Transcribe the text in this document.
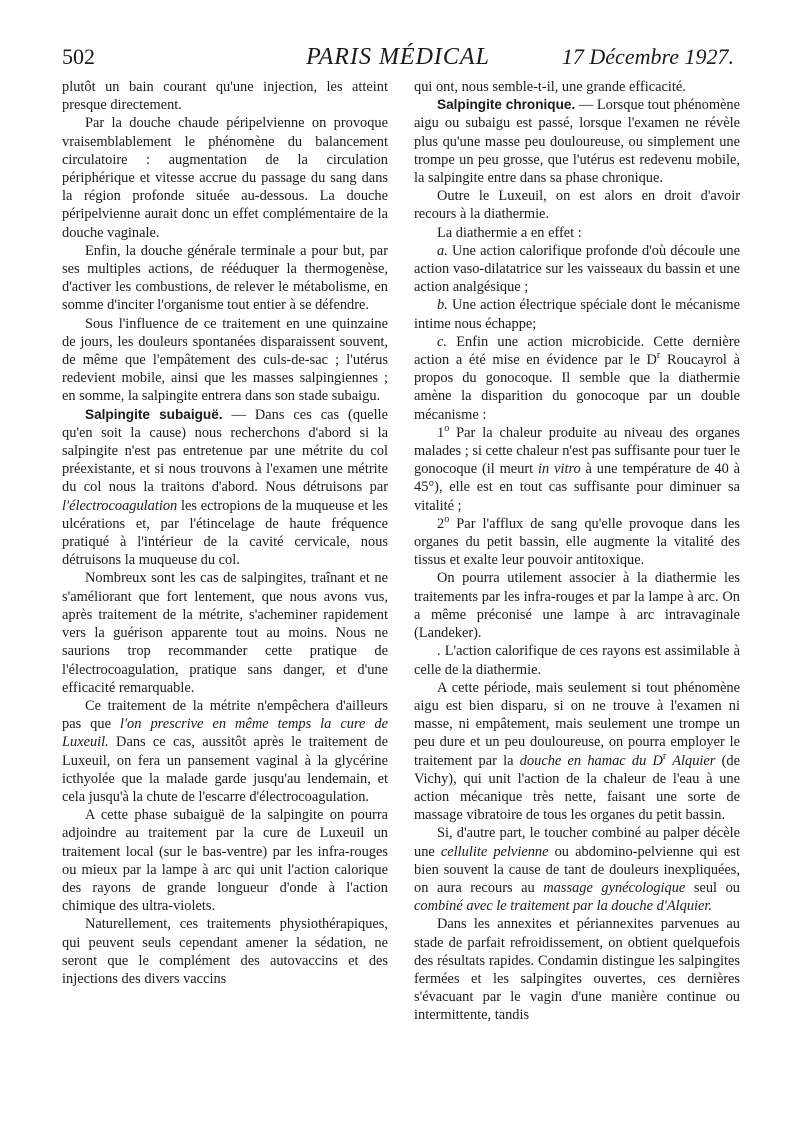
502	PARIS MÉDICAL	17 Décembre 1927.

plutôt un bain courant qu'une injection, les atteint presque directement.

Par la douche chaude péripelvienne on provoque vraisemblablement le phénomène du balancement circulatoire : augmentation de la circulation périphérique et vitesse accrue du passage du sang dans la région profonde située au-dessous. La douche péripelvienne aurait donc un effet complémentaire de la douche vaginale.

Enfin, la douche générale terminale a pour but, par ses multiples actions, de rééduquer la thermogenèse, d'activer les combustions, de relever le métabolisme, en somme d'inciter l'organisme tout entier à se défendre.

Sous l'influence de ce traitement en une quinzaine de jours, les douleurs spontanées disparaissent souvent, de même que l'empâtement des culs-de-sac ; l'utérus redevient mobile, ainsi que les masses salpingiennes ; en somme, la salpingite entrera dans son stade subaigu.

Salpingite subaiguë. — Dans ces cas (quelle qu'en soit la cause) nous recherchons d'abord si la salpingite n'est pas entretenue par une métrite du col préexistante, et si nous trouvons à l'examen une métrite du col nous la traitons d'abord. Nous détruisons par l'électrocoagulation les ectropions de la muqueuse et les ulcérations et, par l'étincelage de haute fréquence pratiqué à l'intérieur de la cavité cervicale, nous détruisons la muqueuse du col.

Nombreux sont les cas de salpingites, traînant et ne s'améliorant que fort lentement, que nous avons vus, après traitement de la métrite, s'acheminer rapidement vers la guérison apparente tout au moins. Nous ne saurions trop recommander cette pratique de l'électrocoagulation, pratique sans danger, et d'une efficacité remarquable.

Ce traitement de la métrite n'empêchera d'ailleurs pas que l'on prescrive en même temps la cure de Luxeuil. Dans ce cas, aussitôt après le traitement de Luxeuil, on fera un pansement vaginal à la glycérine icthyolée que la malade garde jusqu'au lendemain, et cela jusqu'à la chute de l'escarre d'électrocoagulation.

A cette phase subaiguë de la salpingite on pourra adjoindre au traitement par la cure de Luxeuil un traitement local (sur le bas-ventre) par les infra-rouges ou mieux par la lampe à arc qui unit l'action calorique des rayons de grande longueur d'onde à l'action chimique des ultra-violets.

Naturellement, ces traitements physiothérapiques, qui peuvent seuls cependant amener la sédation, ne seront que le complément des autovaccins et des injections des divers vaccins

qui ont, nous semble-t-il, une grande efficacité.

Salpingite chronique. — Lorsque tout phénomène aigu ou subaigu est passé, lorsque l'examen ne révèle plus qu'une masse peu douloureuse, ou simplement une trompe un peu grosse, que l'utérus est redevenu mobile, la salpingite entre dans sa phase chronique.

Outre le Luxeuil, on est alors en droit d'avoir recours à la diathermie.

La diathermie a en effet :

a. Une action calorifique profonde d'où découle une action vaso-dilatatrice sur les vaisseaux du bassin et une action analgésique ;

b. Une action électrique spéciale dont le mécanisme intime nous échappe;

c. Enfin une action microbicide. Cette dernière action a été mise en évidence par le $D^r$ Roucayrol à propos du gonocoque. Il semble que la diathermie amène la disparition du gonocoque par un double mécanisme :

1$^o$ Par la chaleur produite au niveau des organes malades ; si cette chaleur n'est pas suffisante pour tuer le gonocoque (il meurt in vitro à une température de 40 à 45°), elle est en tout cas suffisante pour diminuer sa vitalité ;

2$^o$ Par l'afflux de sang qu'elle provoque dans les organes du petit bassin, elle augmente la vitalité des tissus et exalte leur pouvoir antitoxique.

On pourra utilement associer à la diathermie les traitements par les infra-rouges et par la lampe à arc. On a même préconisé une lampe à arc intravaginale (Landeker).

. L'action calorifique de ces rayons est assimilable à celle de la diathermie.

A cette période, mais seulement si tout phénomène aigu est bien disparu, si on ne trouve à l'examen ni masse, ni empâtement, mais seulement une trompe un peu dure et un peu douloureuse, on pourra employer le traitement par la douche en hamac du $D^r$ Alquier (de Vichy), qui unit l'action de la chaleur de l'eau à une action mécanique très nette, faisant une sorte de massage vibratoire de tous les organes du petit bassin.

Si, d'autre part, le toucher combiné au palper décèle une cellulite pelvienne ou abdomino-pelvienne qui est bien souvent la cause de tant de douleurs inexpliquées, on aura recours au massage gynécologique seul ou combiné avec le traitement par la douche d'Alquier.

Dans les annexites et périannexites parvenues au stade de parfait refroidissement, on obtient quelquefois des résultats rapides. Condamin distingue les salpingites fermées et les salpingites ouvertes, ces dernières s'évacuant par le vagin d'une manière continue ou intermittente, tandis
